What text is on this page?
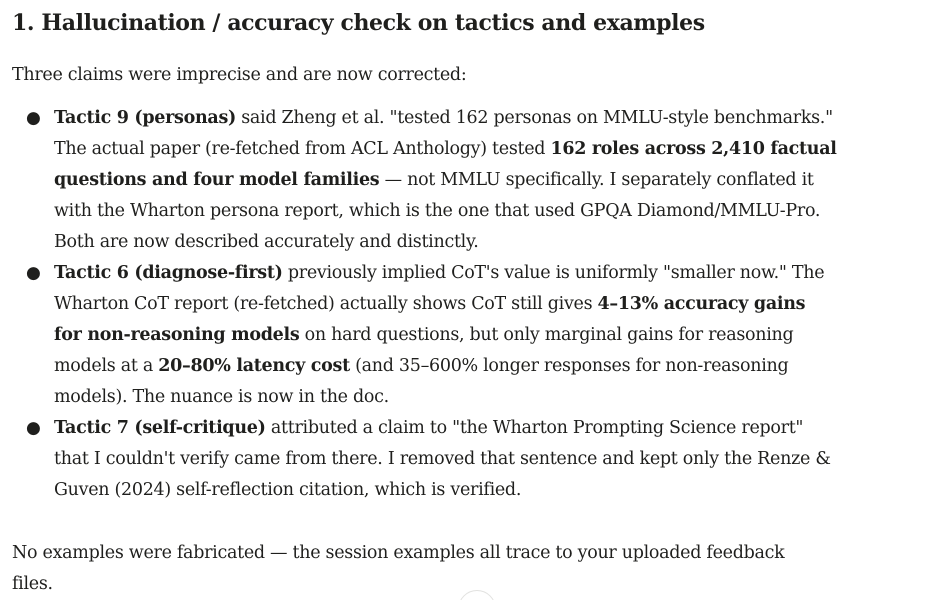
1. Hallucination / accuracy check on tactics and examples

Three claims were imprecise and are now corrected:

● Tactic 9 (personas) said Zheng et al. "tested 162 personas on MMLU-style benchmarks."
The actual paper (re-fetched from ACL Anthology) tested 162 roles across 2,410 factual
questions and four model families — not MMLU specifically. I separately conflated it
with the Wharton persona report, which is the one that used GPQA Diamond/MMLU-Pro.
Both are now described accurately and distinctly.
● Tactic 6 (diagnose-first) previously implied CoT's value is uniformly "smaller now." The
Wharton CoT report (re-fetched) actually shows CoT still gives 4–13% accuracy gains
for non-reasoning models on hard questions, but only marginal gains for reasoning
models at a 20–80% latency cost (and 35–600% longer responses for non-reasoning
models). The nuance is now in the doc.
● Tactic 7 (self-critique) attributed a claim to "the Wharton Prompting Science report"
that I couldn't verify came from there. I removed that sentence and kept only the Renze &
Guven (2024) self-reflection citation, which is verified.

No examples were fabricated — the session examples all trace to your uploaded feedback
files.
